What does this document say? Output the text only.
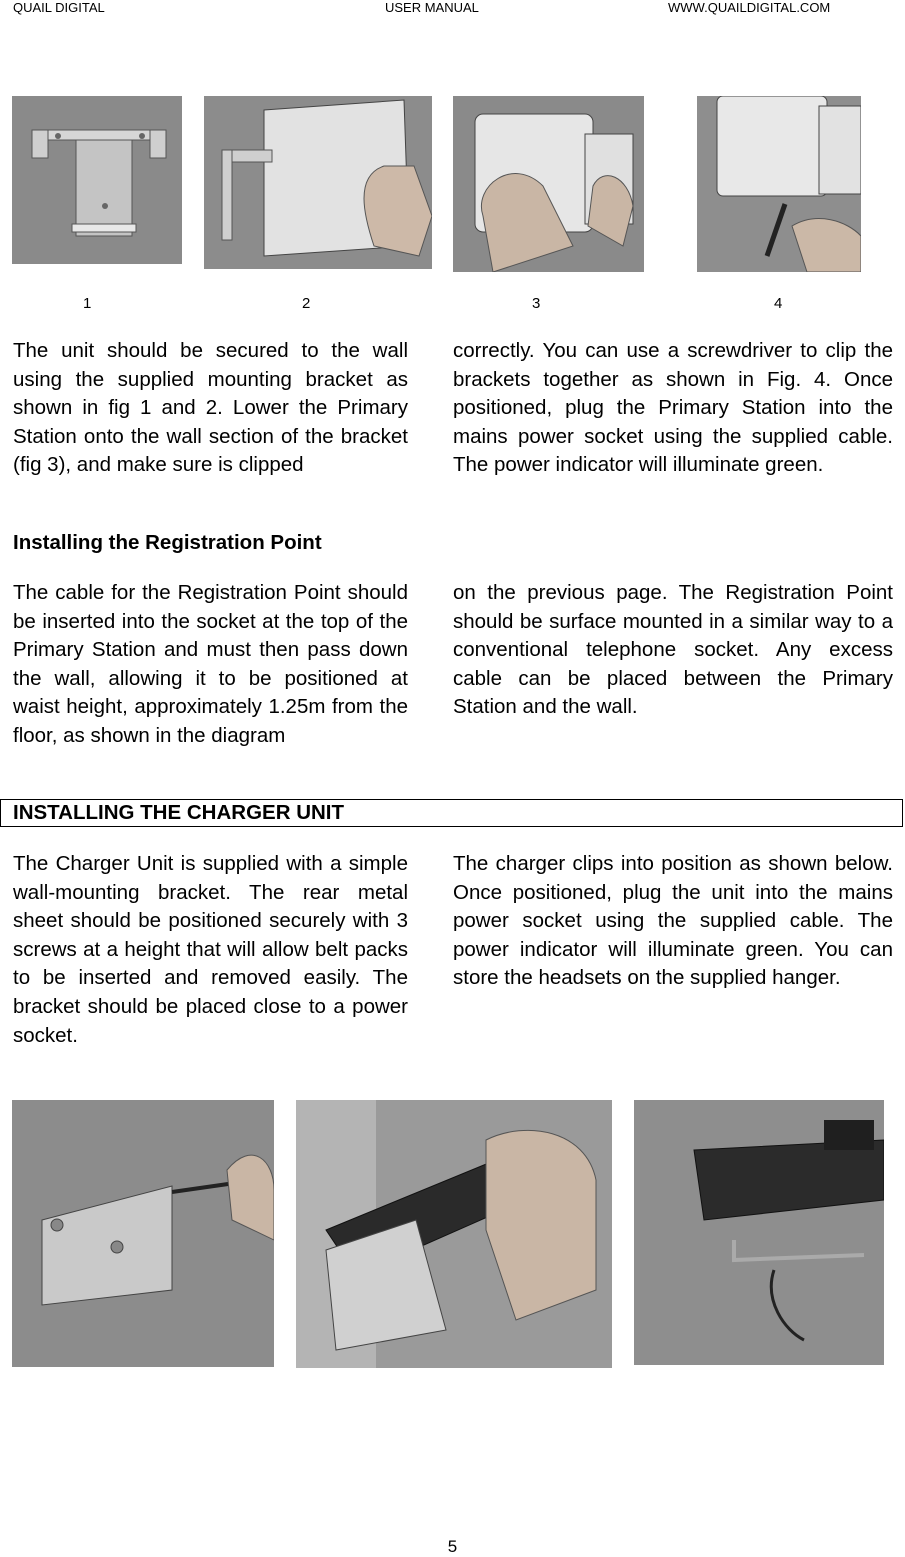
QUAIL DIGITAL	USER MANUAL	WWW.QUAILDIGITAL.COM
1	2	3	4

The unit should be secured to the wall using the supplied mounting bracket as shown in fig 1 and 2. Lower the Primary Station onto the wall section of the bracket (fig 3), and make sure is clipped

correctly. You can use a screwdriver to clip the brackets together as shown in Fig. 4. Once positioned, plug the Primary Station into the mains power socket using the supplied cable. The power indicator will illuminate green.

Installing the Registration Point

The cable for the Registration Point should be inserted into the socket at the top of the Primary Station and must then pass down the wall, allowing it to be positioned at waist height, approximately 1.25m from the floor, as shown in the diagram

on the previous page. The Registration Point should be surface mounted in a similar way to a conventional telephone socket. Any excess cable can be placed between the Primary Station and the wall.

INSTALLING THE CHARGER UNIT

The Charger Unit is supplied with a simple wall-mounting bracket. The rear metal sheet should be positioned securely with 3 screws at a height that will allow belt packs to be inserted and removed easily. The bracket should be placed close to a power socket.

The charger clips into position as shown below. Once positioned, plug the unit into the mains power socket using the supplied cable. The power indicator will illuminate green. You can store the headsets on the supplied hanger.

5
